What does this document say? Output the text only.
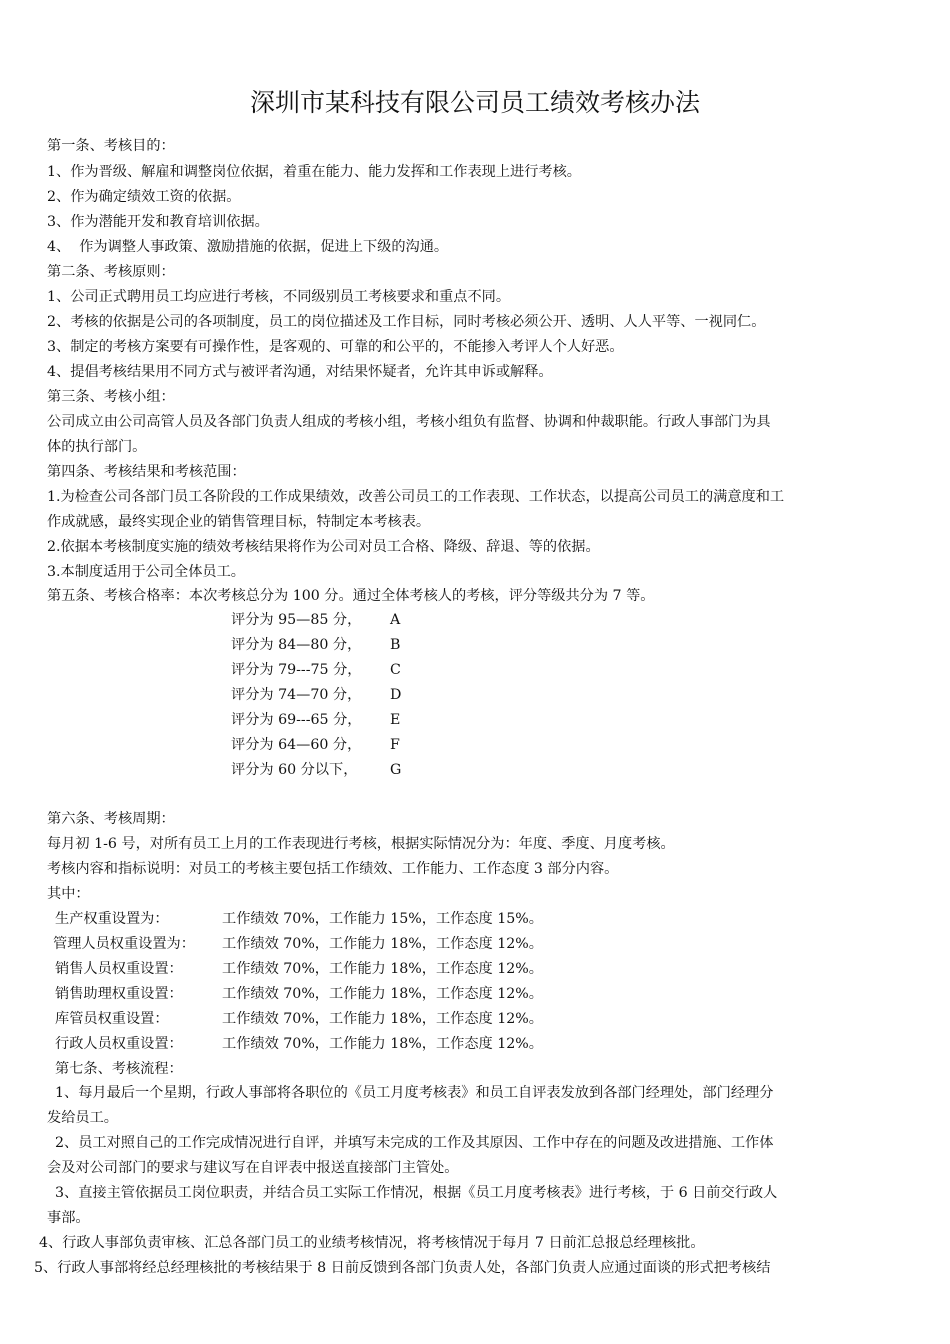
深圳市某科技有限公司员工绩效考核办法
第一条、考核目的：
1、作为晋级、解雇和调整岗位依据，着重在能力、能力发挥和工作表现上进行考核。
2、作为确定绩效工资的依据。
3、作为潜能开发和教育培训依据。
4、  作为调整人事政策、激励措施的依据，促进上下级的沟通。
第二条、考核原则：
1、公司正式聘用员工均应进行考核，不同级别员工考核要求和重点不同。
2、考核的依据是公司的各项制度，员工的岗位描述及工作目标，同时考核必须公开、透明、人人平等、一视同仁。
3、制定的考核方案要有可操作性，是客观的、可靠的和公平的，不能掺入考评人个人好恶。
4、提倡考核结果用不同方式与被评者沟通，对结果怀疑者，允许其申诉或解释。
第三条、考核小组：
公司成立由公司高管人员及各部门负责人组成的考核小组，考核小组负有监督、协调和仲裁职能。行政人事部门为具
体的执行部门。
第四条、考核结果和考核范围：
1.为检查公司各部门员工各阶段的工作成果绩效，改善公司员工的工作表现、工作状态，以提高公司员工的满意度和工
作成就感，最终实现企业的销售管理目标，特制定本考核表。
2.依据本考核制度实施的绩效考核结果将作为公司对员工合格、降级、辞退、等的依据。
3.本制度适用于公司全体员工。
第五条、考核合格率：本次考核总分为 100 分。通过全体考核人的考核，评分等级共分为 7 等。
评分为 95—85 分， A
评分为 84—80 分， B
评分为 79---75 分， C
评分为 74—70 分， D
评分为 69---65 分， E
评分为 64—60 分， F
评分为 60 分以下， G
第六条、考核周期：
每月初 1-6 号，对所有员工上月的工作表现进行考核，根据实际情况分为：年度、季度、月度考核。
考核内容和指标说明：对员工的考核主要包括工作绩效、工作能力、工作态度 3 部分内容。
其中：
生产权重设置为：	工作绩效 70%，工作能力 15%，工作态度 15%。
管理人员权重设置为： 工作绩效 70%，工作能力 18%，工作态度 12%。
销售人员权重设置：	工作绩效 70%，工作能力 18%，工作态度 12%。
销售助理权重设置：	工作绩效 70%，工作能力 18%，工作态度 12%。
库管员权重设置：	工作绩效 70%，工作能力 18%，工作态度 12%。
行政人员权重设置：	工作绩效 70%，工作能力 18%，工作态度 12%。
第七条、考核流程：
1、每月最后一个星期，行政人事部将各职位的《员工月度考核表》和员工自评表发放到各部门经理处，部门经理分
发给员工。
2、员工对照自己的工作完成情况进行自评，并填写未完成的工作及其原因、工作中存在的问题及改进措施、工作体
会及对公司部门的要求与建议写在自评表中报送直接部门主管处。
3、直接主管依据员工岗位职责，并结合员工实际工作情况，根据《员工月度考核表》进行考核，于 6 日前交行政人
事部。
4、行政人事部负责审核、汇总各部门员工的业绩考核情况，将考核情况于每月 7 日前汇总报总经理核批。
5、行政人事部将经总经理核批的考核结果于 8 日前反馈到各部门负责人处，各部门负责人应通过面谈的形式把考核结
